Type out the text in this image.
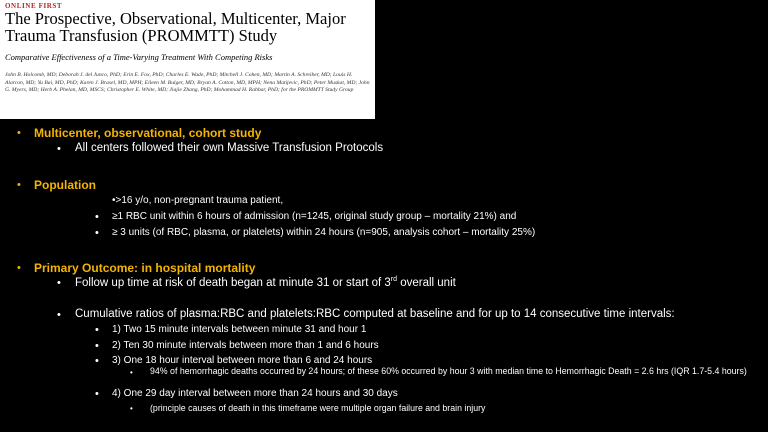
ONLINE FIRST
The Prospective, Observational, Multicenter, Major Trauma Transfusion (PROMMTT) Study
Comparative Effectiveness of a Time-Varying Treatment With Competing Risks
John B. Holcomb, MD; Deborah J. del Junco, PhD; Erin E. Fox, PhD; Charles E. Wade, PhD; Mitchell J. Cohen, MD; Martin A. Schreiber, MD; Louis H. Alarcon, MD; Yu Bai, MD, PhD; Karen J. Brasel, MD, MPH; Eileen M. Bulger, MD; Bryan A. Cotton, MD, MPH; Nena Matijevic, PhD; Peter Muskat, MD; John G. Myers, MD; Herb A. Phelan, MD, MSCS; Christopher E. White, MD; Jiajie Zhang, PhD; Mohammad H. Rahbar, PhD; for the PROMMTT Study Group
• Multicenter, observational, cohort study
• All centers followed their own Massive Transfusion Protocols
• Population
•>16 y/o, non-pregnant trauma patient,
• ≥1 RBC unit within 6 hours of admission (n=1245, original study group – mortality 21%) and
• ≥ 3 units (of RBC, plasma, or platelets) within 24 hours (n=905, analysis cohort – mortality 25%)
• Primary Outcome: in hospital mortality
• Follow up time at risk of death began at minute 31 or start of 3rd overall unit
• Cumulative ratios of plasma:RBC and platelets:RBC computed at baseline and for up to 14 consecutive time intervals:
• 1) Two 15 minute intervals between minute 31 and hour 1
• 2) Ten 30 minute intervals between more than 1 and 6 hours
• 3) One 18 hour interval between more than 6 and 24 hours
• 94% of hemorrhagic deaths occurred by 24 hours; of these 60% occurred by hour 3 with median time to Hemorrhagic Death = 2.6 hrs (IQR 1.7-5.4 hours)
• 4) One 29 day interval between more than 24 hours and 30 days
• (principle causes of death in this timeframe were multiple organ failure and brain injury
